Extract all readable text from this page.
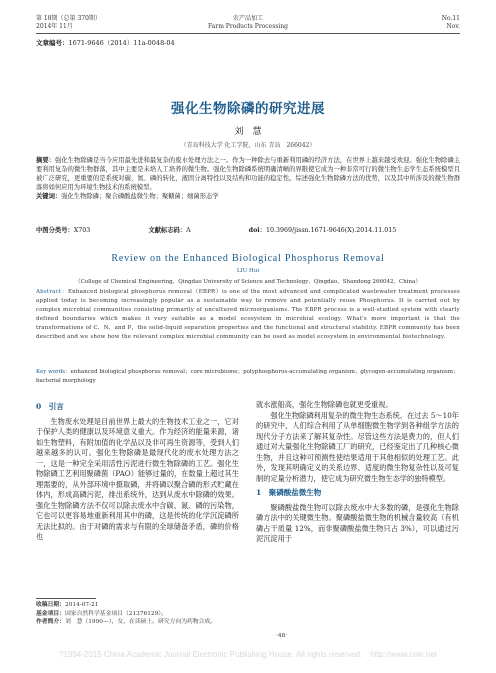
第 18期（总第 370期）
2014年 11月
农产品加工
Farm Products Processing
No.11
Nov.
文章编号：1671-9646（2014）11a-0048-04
强化生物除磷的研究进展
刘　慧
（青岛科技大学 化工学院，山东 青岛　266042）
摘要：强化生物除磷是当今应用最先进和最复杂的废水处理方法之一。作为一种除去与重新利用磷的经济方法，在世界上越来越受欢迎。强化生物除磷主要利用复杂的微生物群落，其中主要是未培人工培养的微生物。强化生物除磷系统明确清晰的界限使它成为一种非常可行的微生物生态学生态系统模型且被广泛研究，更重要的是系统对碳、氮、磷的转化，液固分离特性以及结构和功能的稳定性。综述强化生物除磷方法的优势，以及其中所涉及的微生物群落将如何应用为环境生物技术的系统模型。
关键词：强化生物除磷；聚合磷酸盐微生物；聚糖菌；细菌形态学
中图分类号：X703	文献标志码：A	doi：10.3969/jissn.1671-9646(X).2014.11.015
Review on the Enhanced Biological Phosphorus Removal
LIU Hui
（College of Chemical Engineering，Qingdao University of Science and Technology，Qingdao，Shandong 266042，China）
Abstract：Enhanced biological phosphorus removal（EBPR）is one of the most advanced and complicated wastewater treatment processes applied today is becoming increasingly popular as a sustainable way to remove and potentially reuse Phosphorus. It is carried out by complex microbial communities consisting primarily of uncultured microorganisms. The EBPR process is a well-studied system with clearly defined boundaries which makes it very suitable as a model ecosystem in microbial ecology. What's more important is that the transformations of C，N，and P，the solid-liquid separation properties and the functional and structural stability. EBPR community has been described and we show how the relevant complex microbial community can be used as model ecosystem in environmental biotechnology.
Key words：enhanced biological phosphorus removal；core microbiome；polyphosphorus-accumulating organism；glycogen-accumulating organism；bacterial morphology
0　引言

生物废水处理是目前世界上最大的生物技术工业之一，它对于保护人类的健康以及环境意义重大。作为经济的能量来源，诸如生物塑料，有附加值的化学品以及非可再生资源等，受到人们越来越多的认可。强化生物除磷是最现代化的废水处理方法之一，这是一种完全采用活性污泥进行微生物除磷的工艺。强化生物除磷工艺利用聚磷菌（PAO）能够过量的，在数量上超过其生理需要的，从外部环境中摄取磷，并将磷以聚合磷的形式贮藏在体内，形成高磷污泥，排出系统外，达到从废水中除磷的效果。强化生物除磷方法不仅可以除去废水中含碳、氮、磷的污染物，它也可以更容易地重新利用其中的磷，这是传统的化学沉淀磷所无法比拟的。由于对磷的需求与有限的全球储备矛盾，磷的价格也

就水涨船高，强化生物除磷也就更受重视。

强化生物除磷利用复杂的微生物生态系统。在过去 5～10年的研究中，人们综合利用了从单细胞微生物学到各种组学方法的现代分子方法来了解其复杂性。尽管这些方法是费力的，但人们通过对大量强化生物除磷工厂的研究，已经鉴定出了几种核心微生物，并且这种可预测性使结果适用于其他相似的处理工艺。此外，发现其明确定义的关系边界、适度的微生物复杂性以及可复制的定量分析潜力，使它成为研究微生物生态学的独特模型。

1　聚磷酸盐微生物

聚磷酸盐微生物可以除去废水中大多数的磷，是强化生物除磷方法中的关键微生物。聚磷酸盐微生物的机械含量较高（有机磷占干质量 12%，而非聚磷酸盐微生物只占 3%），可以通过污泥沉淀用于

收稿日期：2014-07-21
基金项目：国家自然科学基金项目（21376129）。
作者简介：刘　慧（1990—），女，在读硕士。研究方向为药物合成。
·48·
?1994-2015 China Academic Journal Electronic Publishing House. All rights reserved.　http://www.cnki.net
